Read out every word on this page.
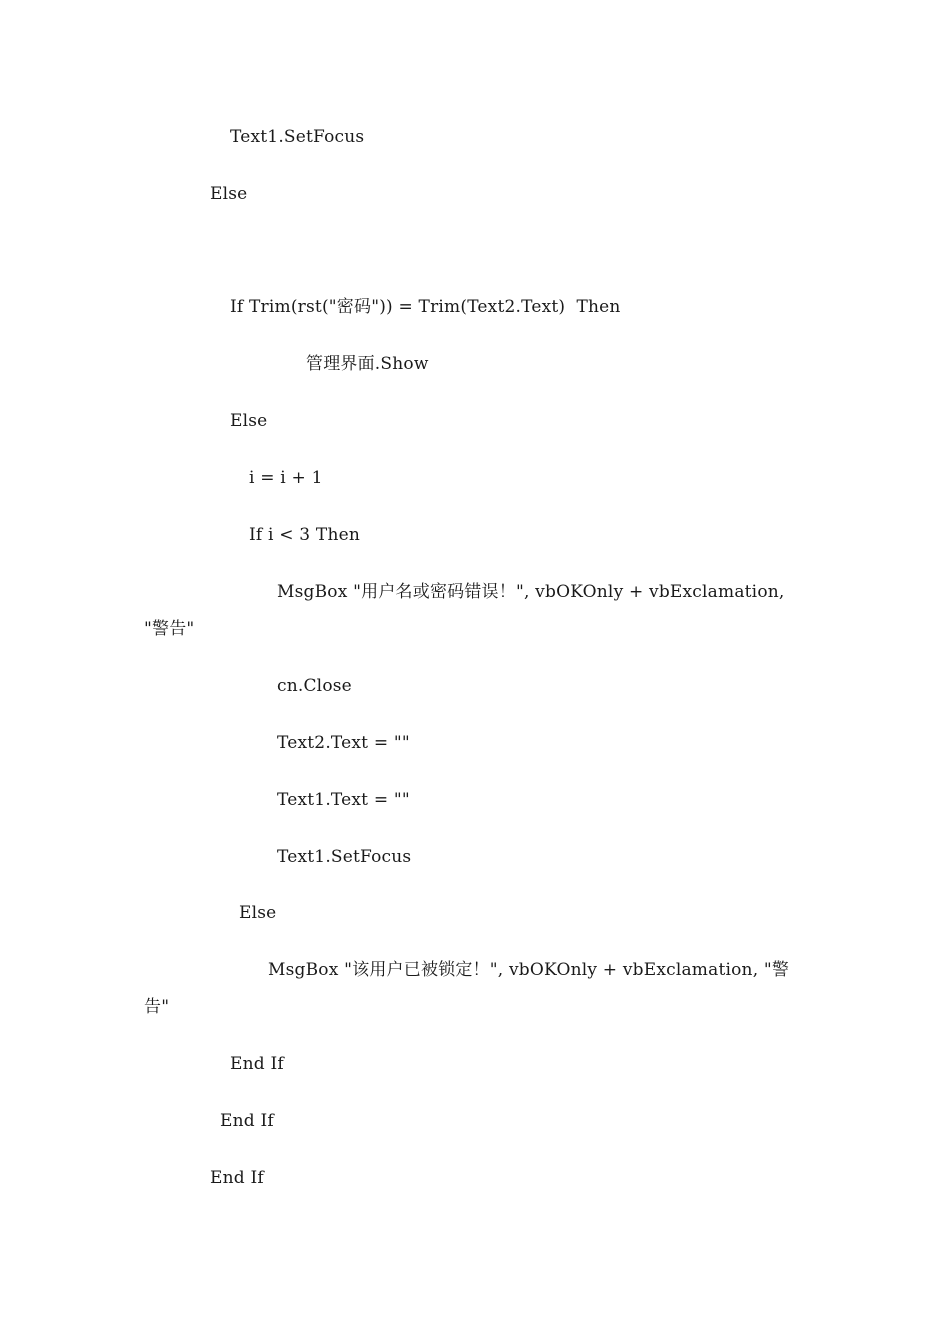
Text1.SetFocus
Else
If Trim(rst("密码")) = Trim(Text2.Text)  Then
管理界面.Show
Else
i = i + 1
If i < 3 Then
MsgBox "用户名或密码错误！", vbOKOnly + vbExclamation,
"警告"
cn.Close
Text2.Text = ""
Text1.Text = ""
Text1.SetFocus
Else
MsgBox "该用户已被锁定！", vbOKOnly + vbExclamation, "警
告"
End If
End If
End If
